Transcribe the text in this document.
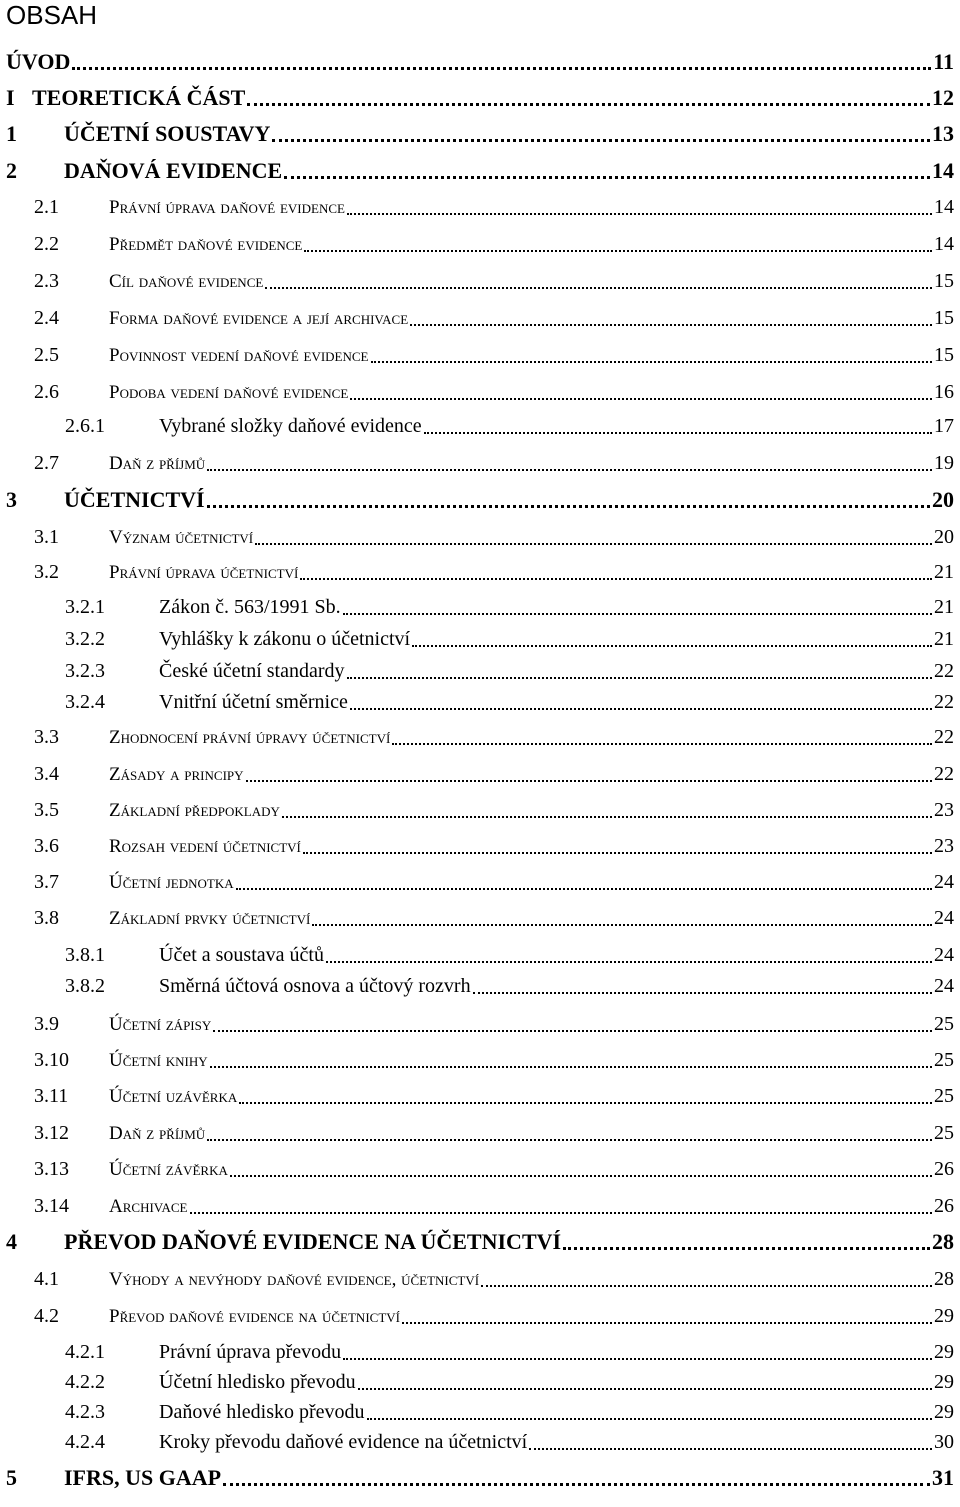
OBSAH
ÚVOD	11
I TEORETICKÁ ČÁST	12
1	ÚČETNÍ SOUSTAVY	13
2	DAŇOVÁ EVIDENCE	14
2.1	Právní úprava daňové evidence	14
2.2	Předmět daňové evidence	14
2.3	Cíl daňové evidence	15
2.4	Forma daňové evidence a její archivace	15
2.5	Povinnost vedení daňové evidence	15
2.6	Podoba vedení daňové evidence	16
2.6.1	Vybrané složky daňové evidence	17
2.7	Daň z příjmů	19
3	ÚČETNICTVÍ	20
3.1	Význam účetnictví	20
3.2	Právní úprava účetnictví	21
3.2.1	Zákon č. 563/1991 Sb.	21
3.2.2	Vyhlášky k zákonu o účetnictví	21
3.2.3	České účetní standardy	22
3.2.4	Vnitřní účetní směrnice	22
3.3	Zhodnocení právní úpravy účetnictví	22
3.4	Zásady a principy	22
3.5	Základní předpoklady	23
3.6	Rozsah vedení účetnictví	23
3.7	Účetní jednotka	24
3.8	Základní prvky účetnictví	24
3.8.1	Účet a soustava účtů	24
3.8.2	Směrná účtová osnova a účtový rozvrh	24
3.9	Účetní zápisy	25
3.10	Účetní knihy	25
3.11	Účetní uzávěrka	25
3.12	Daň z příjmů	25
3.13	Účetní závěrka	26
3.14	Archivace	26
4	PŘEVOD DAŇOVÉ EVIDENCE NA ÚČETNICTVÍ	28
4.1	Výhody a nevýhody daňové evidence, účetnictví	28
4.2	Převod daňové evidence na účetnictví	29
4.2.1	Právní úprava převodu	29
4.2.2	Účetní hledisko převodu	29
4.2.3	Daňové hledisko převodu	29
4.2.4	Kroky převodu daňové evidence na účetnictví	30
5	IFRS, US GAAP	31
